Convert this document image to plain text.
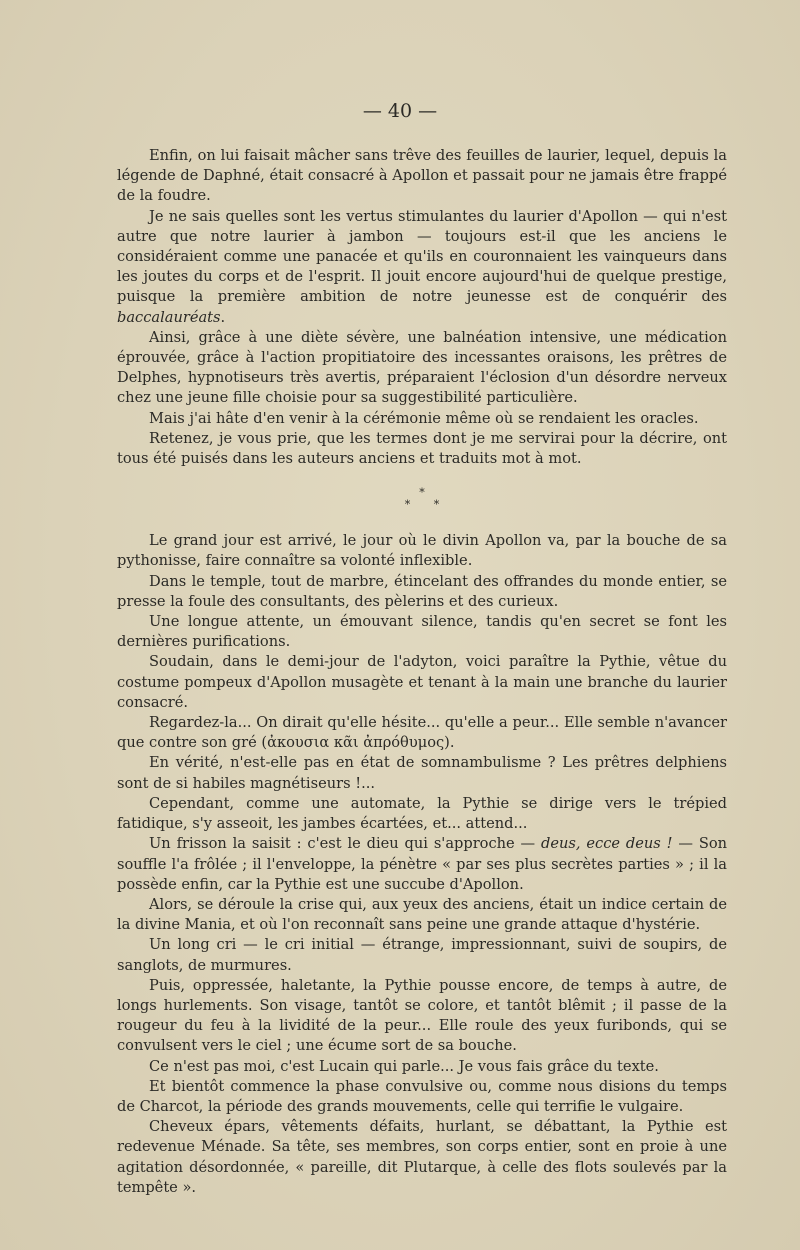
— 40 —

Enfin, on lui faisait mâcher sans trêve des feuilles de laurier, lequel, depuis la légende de Daphné, était consacré à Apollon et passait pour ne jamais être frappé de la foudre.

Je ne sais quelles sont les vertus stimulantes du laurier d'Apollon — qui n'est autre que notre laurier à jambon — toujours est-il que les anciens le considéraient comme une panacée et qu'ils en couronnaient les vainqueurs dans les joutes du corps et de l'esprit. Il jouit encore aujourd'hui de quelque prestige, puisque la première ambition de notre jeunesse est de conquérir des baccalauréats.

Ainsi, grâce à une diète sévère, une balnéation intensive, une médication éprouvée, grâce à l'action propitiatoire des incessantes oraisons, les prêtres de Delphes, hypnotiseurs très avertis, préparaient l'éclosion d'un désordre nerveux chez une jeune fille choisie pour sa suggestibilité particulière.

Mais j'ai hâte d'en venir à la cérémonie même où se rendaient les oracles.

Retenez, je vous prie, que les termes dont je me servirai pour la décrire, ont tous été puisés dans les auteurs anciens et traduits mot à mot.

*
* *

Le grand jour est arrivé, le jour où le divin Apollon va, par la bouche de sa pythonisse, faire connaître sa volonté inflexible.

Dans le temple, tout de marbre, étincelant des offrandes du monde entier, se presse la foule des consultants, des pèlerins et des curieux.

Une longue attente, un émouvant silence, tandis qu'en secret se font les dernières purifications.

Soudain, dans le demi-jour de l'adyton, voici paraître la Pythie, vêtue du costume pompeux d'Apollon musagète et tenant à la main une branche du laurier consacré.

Regardez-la... On dirait qu'elle hésite... qu'elle a peur... Elle semble n'avancer que contre son gré (ἀκουσια κᾶι ἀπρόθυμος).

En vérité, n'est-elle pas en état de somnambulisme ? Les prêtres delphiens sont de si habiles magnétiseurs !...

Cependant, comme une automate, la Pythie se dirige vers le trépied fatidique, s'y asseoit, les jambes écartées, et... attend...

Un frisson la saisit : c'est le dieu qui s'approche — deus, ecce deus ! — Son souffle l'a frôlée ; il l'enveloppe, la pénètre « par ses plus secrètes parties » ; il la possède enfin, car la Pythie est une succube d'Apollon.

Alors, se déroule la crise qui, aux yeux des anciens, était un indice certain de la divine Mania, et où l'on reconnaît sans peine une grande attaque d'hystérie.

Un long cri — le cri initial — étrange, impressionnant, suivi de soupirs, de sanglots, de murmures.

Puis, oppressée, haletante, la Pythie pousse encore, de temps à autre, de longs hurlements. Son visage, tantôt se colore, et tantôt blêmit ; il passe de la rougeur du feu à la lividité de la peur... Elle roule des yeux furibonds, qui se convulsent vers le ciel ; une écume sort de sa bouche.

Ce n'est pas moi, c'est Lucain qui parle... Je vous fais grâce du texte.

Et bientôt commence la phase convulsive ou, comme nous disions du temps de Charcot, la période des grands mouvements, celle qui terrifie le vulgaire.

Cheveux épars, vêtements défaits, hurlant, se débattant, la Pythie est redevenue Ménade. Sa tête, ses membres, son corps entier, sont en proie à une agitation désordonnée, « pareille, dit Plutarque, à celle des flots soulevés par la tempête ».
